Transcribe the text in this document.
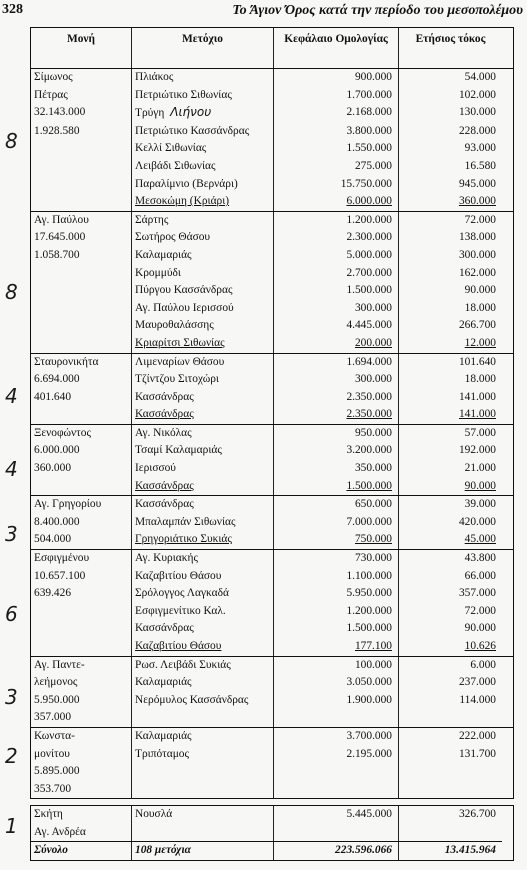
328	Το Άγιον Όρος κατά την περίοδο του μεσοπολέμου
Μονή	Μετόχιο	Κεφάλαιο Ομολογίας	Ετήσιος τόκος
8
Σίμωνος	Πλιάκος	900.000	54.000
Πέτρας	Πετριώτικο Σιθωνίας	1.700.000	102.000
32.143.000	Τρύγη Λιήνου	2.168.000	130.000
1.928.580	Πετριώτικο Κασσάνδρας	3.800.000	228.000
Κελλί Σιθωνίας	1.550.000	93.000
Λειβάδι Σιθωνίας	275.000	16.580
Παραλίμνιο (Βερνάρι)	15.750.000	945.000
Μεσοκώμη (Κριάρι)	6.000.000	360.000
8
Αγ. Παύλου	Σάρτης	1.200.000	72.000
17.645.000	Σωτήρος Θάσου	2.300.000	138.000
1.058.700	Καλαμαριάς	5.000.000	300.000
Κρομμύδι	2.700.000	162.000
Πύργου Κασσάνδρας	1.500.000	90.000
Αγ. Παύλου Ιερισσού	300.000	18.000
Μαυροθαλάσσης	4.445.000	266.700
Κριαρίτσι Σιθωνίας	200.000	12.000
4
Σταυρονικήτα	Λιμεναρίων Θάσου	1.694.000	101.640
6.694.000	Τζίντζου Σιτοχώρι	300.000	18.000
401.640	Κασσάνδρας	2.350.000	141.000
Κασσάνδρας	2.350.000	141.000
4
Ξενοφώντος	Αγ. Νικόλας	950.000	57.000
6.000.000	Τσαμί Καλαμαριάς	3.200.000	192.000
360.000	Ιερισσού	350.000	21.000
Κασσάνδρας	1.500.000	90.000
3
Αγ. Γρηγορίου	Κασσάνδρας	650.000	39.000
8.400.000	Μπαλαμπάν Σιθωνίας	7.000.000	420.000
504.000	Γρηγοριάτικο Συκιάς	750.000	45.000
6
Εσφιγμένου	Αγ. Κυριακής	730.000	43.800
10.657.100	Καζαβιτίου Θάσου	1.100.000	66.000
639.426	Σρόλογγος Λαγκαδά	5.950.000	357.000
Εσφιγμενίτικο Καλ.	1.200.000	72.000
Κασσάνδρας	1.500.000	90.000
Καζαβιτίου Θάσου	177.100	10.626
3
Αγ. Παντε-	Ρωσ. Λειβάδι Συκιάς	100.000	6.000
λεήμονος	Καλαμαριάς	3.050.000	237.000
5.950.000	Νερόμυλος Κασσάνδρας	1.900.000	114.000
357.000
2
Κωνστα-	Καλαμαριάς	3.700.000	222.000
μονίτου	Τριπόταμος	2.195.000	131.700
5.895.000
353.700
1 Σκήτη	Νουσλά	5.445.000	326.700
Αγ. Ανδρέα
Σύνολο	108 μετόχια	223.596.066	13.415.964
